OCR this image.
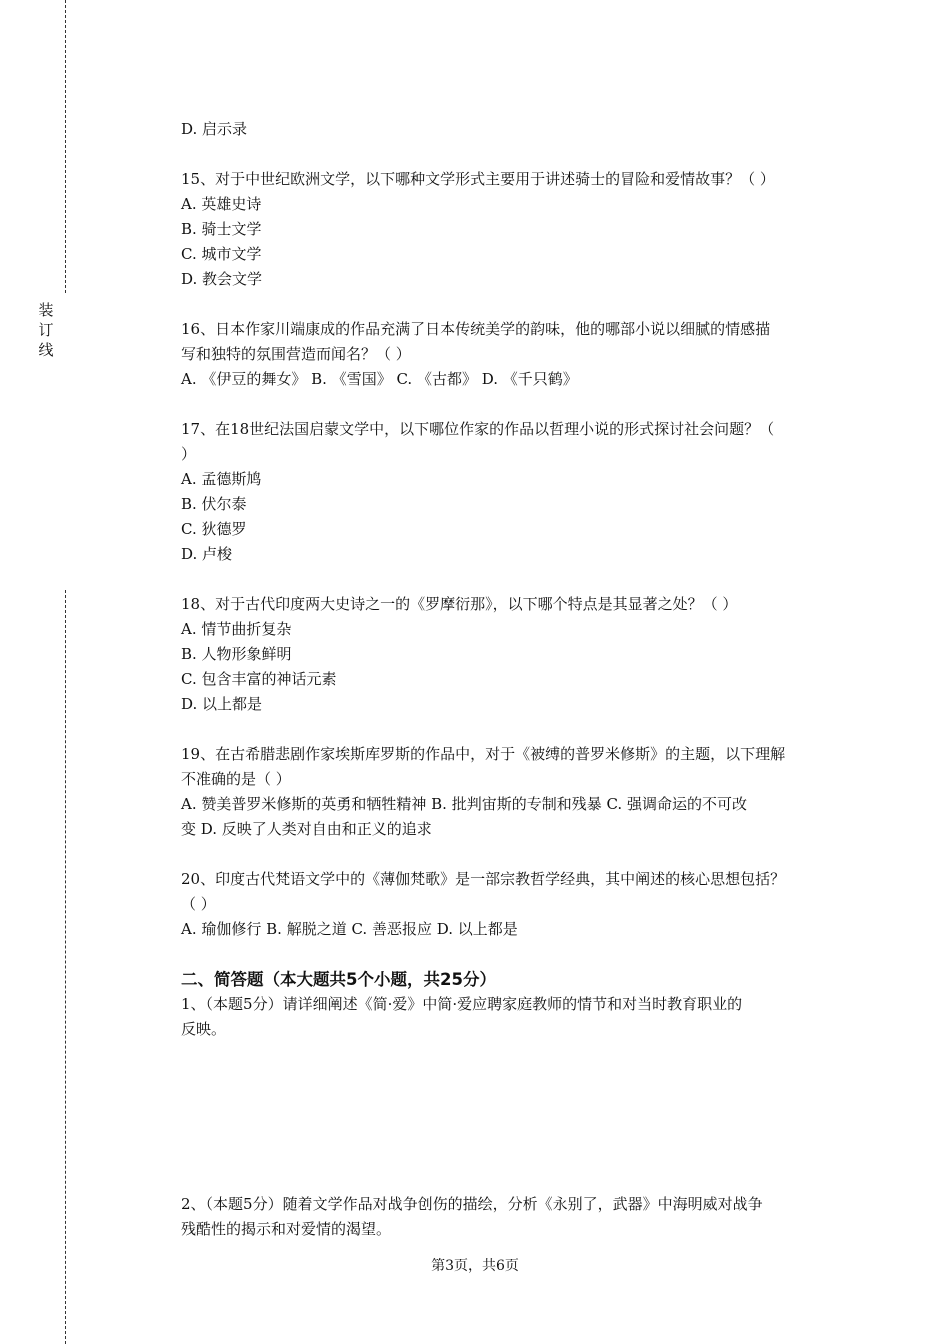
装
订
线

D. 启示录

15、对于中世纪欧洲文学，以下哪种文学形式主要用于讲述骑士的冒险和爱情故事？（ ）

A. 英雄史诗

B. 骑士文学

C. 城市文学

D. 教会文学

16、日本作家川端康成的作品充满了日本传统美学的韵味，他的哪部小说以细腻的情感描

写和独特的氛围营造而闻名？（ ）

A. 《伊豆的舞女》 B. 《雪国》 C. 《古都》 D. 《千只鹤》

17、在18世纪法国启蒙文学中，以下哪位作家的作品以哲理小说的形式探讨社会问题？（

）

A. 孟德斯鸠

B. 伏尔泰

C. 狄德罗

D. 卢梭

18、对于古代印度两大史诗之一的《罗摩衍那》，以下哪个特点是其显著之处？（ ）

A. 情节曲折复杂

B. 人物形象鲜明

C. 包含丰富的神话元素

D. 以上都是

19、在古希腊悲剧作家埃斯库罗斯的作品中，对于《被缚的普罗米修斯》的主题，以下理解

不准确的是（ ）

A. 赞美普罗米修斯的英勇和牺牲精神 B. 批判宙斯的专制和残暴 C. 强调命运的不可改

变 D. 反映了人类对自由和正义的追求

20、印度古代梵语文学中的《薄伽梵歌》是一部宗教哲学经典，其中阐述的核心思想包括？

（ ）

A. 瑜伽修行 B. 解脱之道 C. 善恶报应 D. 以上都是

二、简答题（本大题共5个小题，共25分）

1、（本题5分）请详细阐述《简·爱》中简·爱应聘家庭教师的情节和对当时教育职业的

反映。

2、（本题5分）随着文学作品对战争创伤的描绘，分析《永别了，武器》中海明威对战争

残酷性的揭示和对爱情的渴望。

第3页，共6页
